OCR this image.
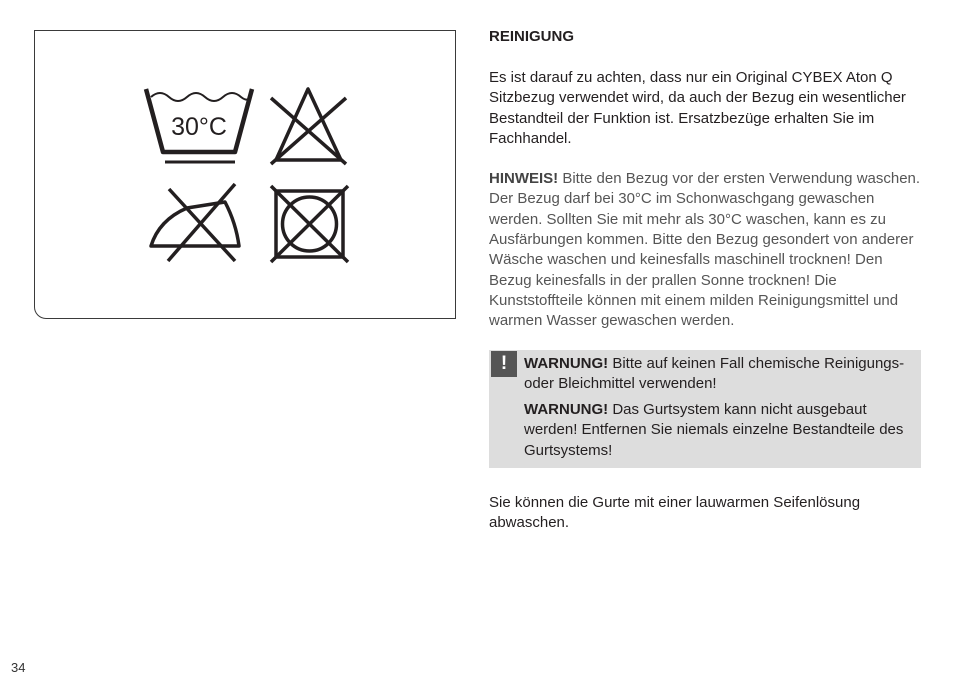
30°C

REINIGUNG

Es ist darauf zu achten, dass nur ein Original CYBEX Aton Q Sitzbezug verwendet wird, da auch der Bezug ein wesentlicher Bestandteil der Funktion ist. Ersatzbezüge erhalten Sie im Fachhandel.

HINWEIS! Bitte den Bezug vor der ersten Verwendung waschen. Der Bezug darf bei 30°C im Schonwaschgang gewaschen werden. Sollten Sie mit mehr als 30°C waschen, kann es zu Ausfärbungen kommen. Bitte den Bezug gesondert von anderer Wäsche waschen und keinesfalls maschinell trocknen! Den Bezug keinesfalls in der prallen Sonne trocknen! Die Kunststoffteile können mit einem milden Reinigungsmittel und warmen Wasser gewaschen werden.

!	WARNUNG! Bitte auf keinen Fall chemische Reinigungs- oder Bleichmittel verwenden!

WARNUNG! Das Gurtsystem kann nicht ausgebaut werden! Entfernen Sie niemals einzelne Bestandteile des Gurtsystems!

Sie können die Gurte mit einer lauwarmen Seifenlösung abwaschen.

34
